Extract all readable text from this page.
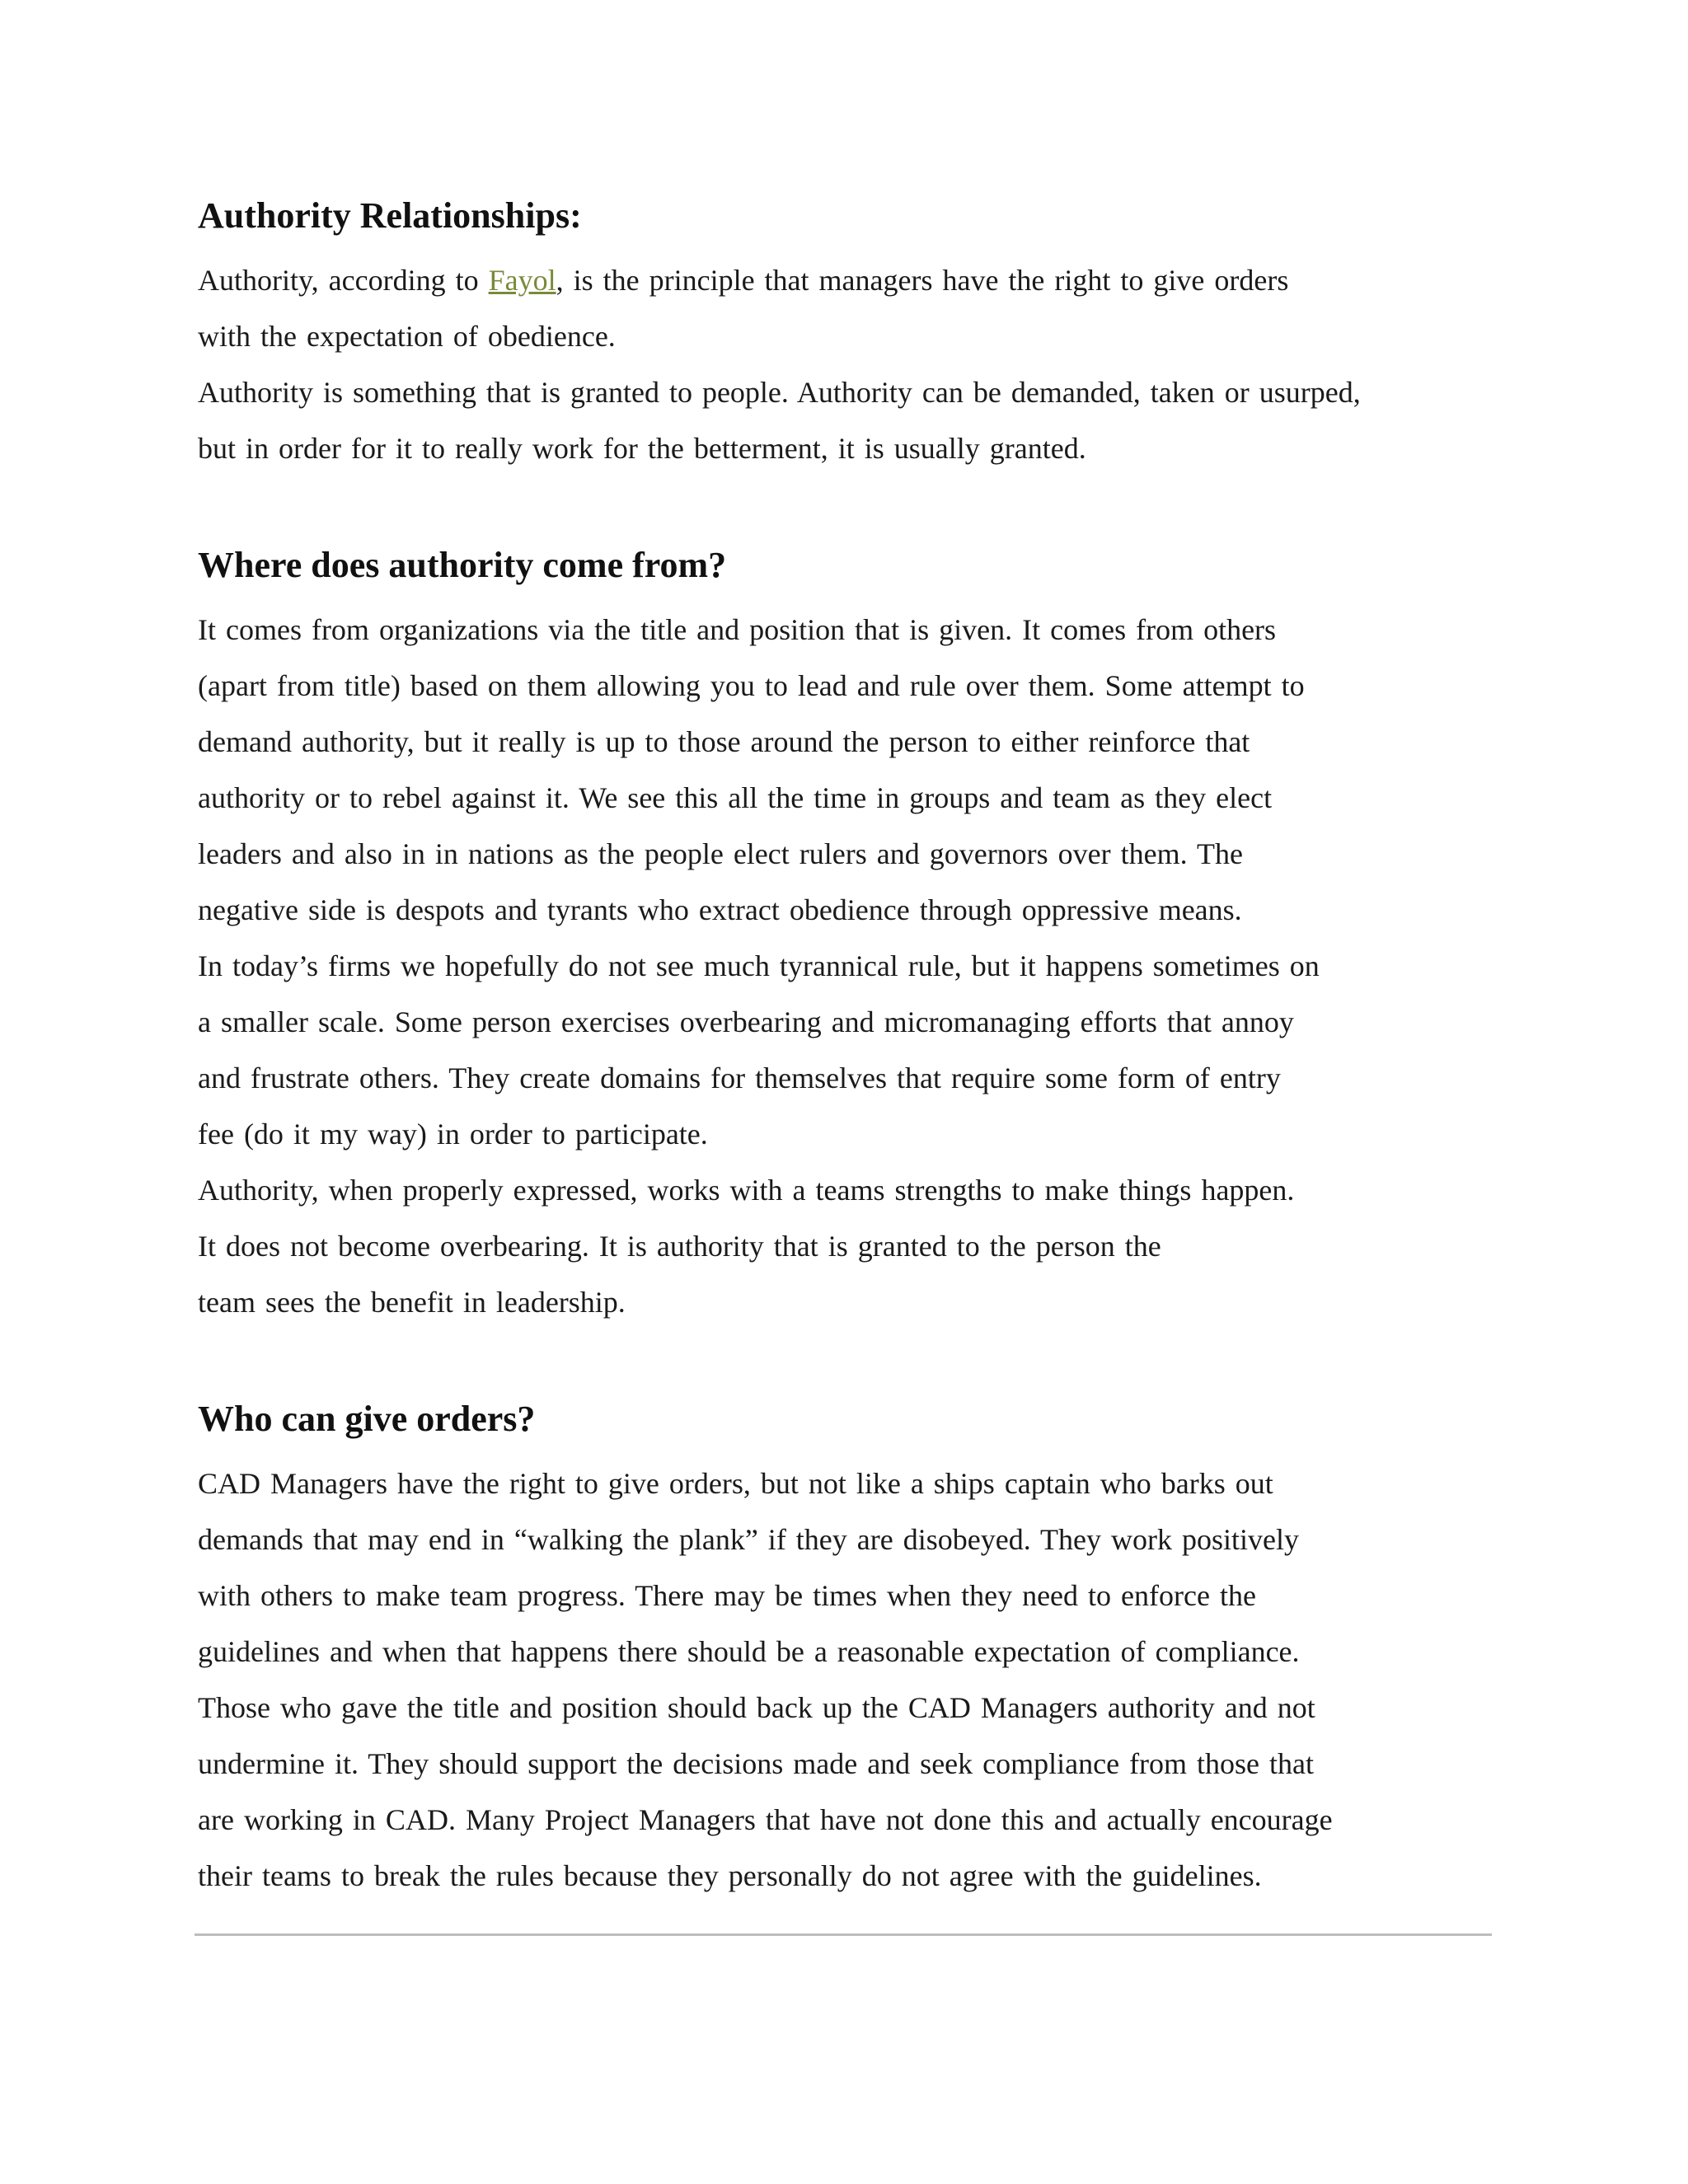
Authority Relationships:

Authority, according to Fayol, is the principle that managers have the right to give orders

with the expectation of obedience.

Authority is something that is granted to people. Authority can be demanded, taken or usurped,

but in order for it to really work for the betterment, it is usually granted.

Where does authority come from?

It comes from organizations via the title and position that is given. It comes from others

(apart from title) based on them allowing you to lead and rule over them. Some attempt to

demand authority, but it really is up to those around the person to either reinforce that

authority or to rebel against it. We see this all the time in groups and team as they elect

leaders and also in in nations as the people elect rulers and governors over them. The

negative side is despots and tyrants who extract obedience through oppressive means.

In today’s firms we hopefully do not see much tyrannical rule, but it happens sometimes on

a smaller scale. Some person exercises overbearing and micromanaging efforts that annoy

and frustrate others. They create domains for themselves that require some form of entry

fee (do it my way) in order to participate.

Authority, when properly expressed, works with a teams strengths to make things happen.

It does not become overbearing. It is authority that is granted to the person the

team sees the benefit in leadership.

Who can give orders?

CAD Managers have the right to give orders, but not like a ships captain who barks out

demands that may end in “walking the plank” if they are disobeyed. They work positively

with others to make team progress. There may be times when they need to enforce the

guidelines and when that happens there should be a reasonable expectation of compliance.

Those who gave the title and position should back up the CAD Managers authority and not

undermine it. They should support the decisions made and seek compliance from those that

are working in CAD. Many Project Managers that have not done this and actually encourage

their teams to break the rules because they personally do not agree with the guidelines.
